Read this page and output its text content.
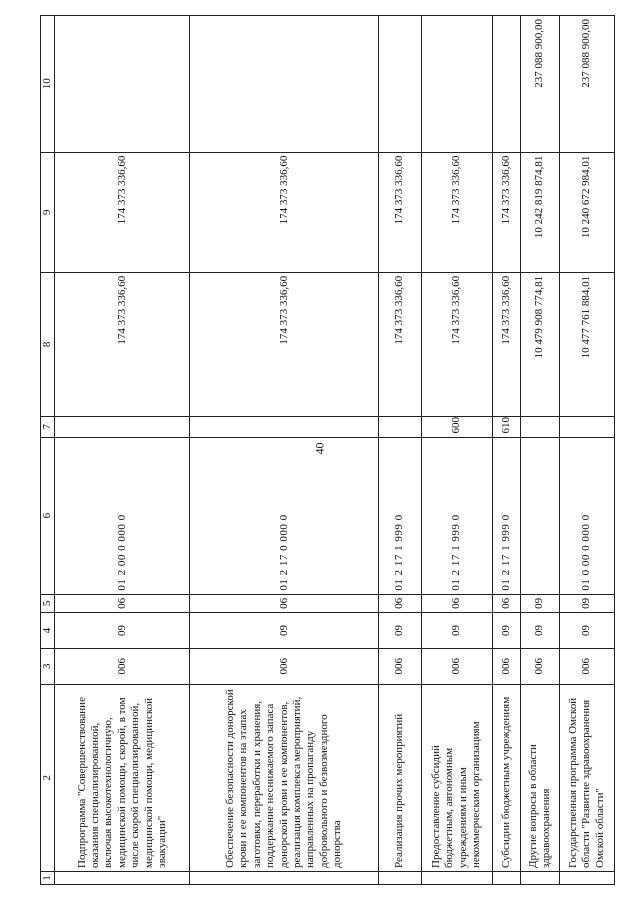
40
1	2	3	4	5	6	7	8	9	10
	Подпрограмма "Совершенствование оказания специализированной, включая высокотехнологичную, медицинской помощи, скорой, в том числе скорой специализированной, медицинской помощи, медицинской эвакуации"	006	09	06	01 2 00 0 000 0		174 373 336,60	174 373 336,60	
	Обеспечение безопасности донорской крови и ее компонентов на этапах заготовки, переработки и хранения, поддержание неснижаемого запаса донорской крови и ее компонентов, реализация комплекса мероприятий, направленных на пропаганду добровольного и безвозмездного донорства	006	09	06	01 2 17 0 000 0		174 373 336,60	174 373 336,60	
	Реализация прочих мероприятий	006	09	06	01 2 17 1 999 0		174 373 336,60	174 373 336,60	
	Предоставление субсидий бюджетным, автономным учреждениям и иным некоммерческим организациям	006	09	06	01 2 17 1 999 0	600	174 373 336,60	174 373 336,60	
	Субсидии бюджетным учреждениям	006	09	06	01 2 17 1 999 0	610	174 373 336,60	174 373 336,60	
	Другие вопросы в области здравоохранения	006	09	09			10 479 908 774,81	10 242 819 874,81	237 088 900,00
	Государственная программа Омской области "Развитие здравоохранения Омской области"	006	09	09	01 0 00 0 000 0		10 477 761 884,01	10 240 672 984,01	237 088 900,00
